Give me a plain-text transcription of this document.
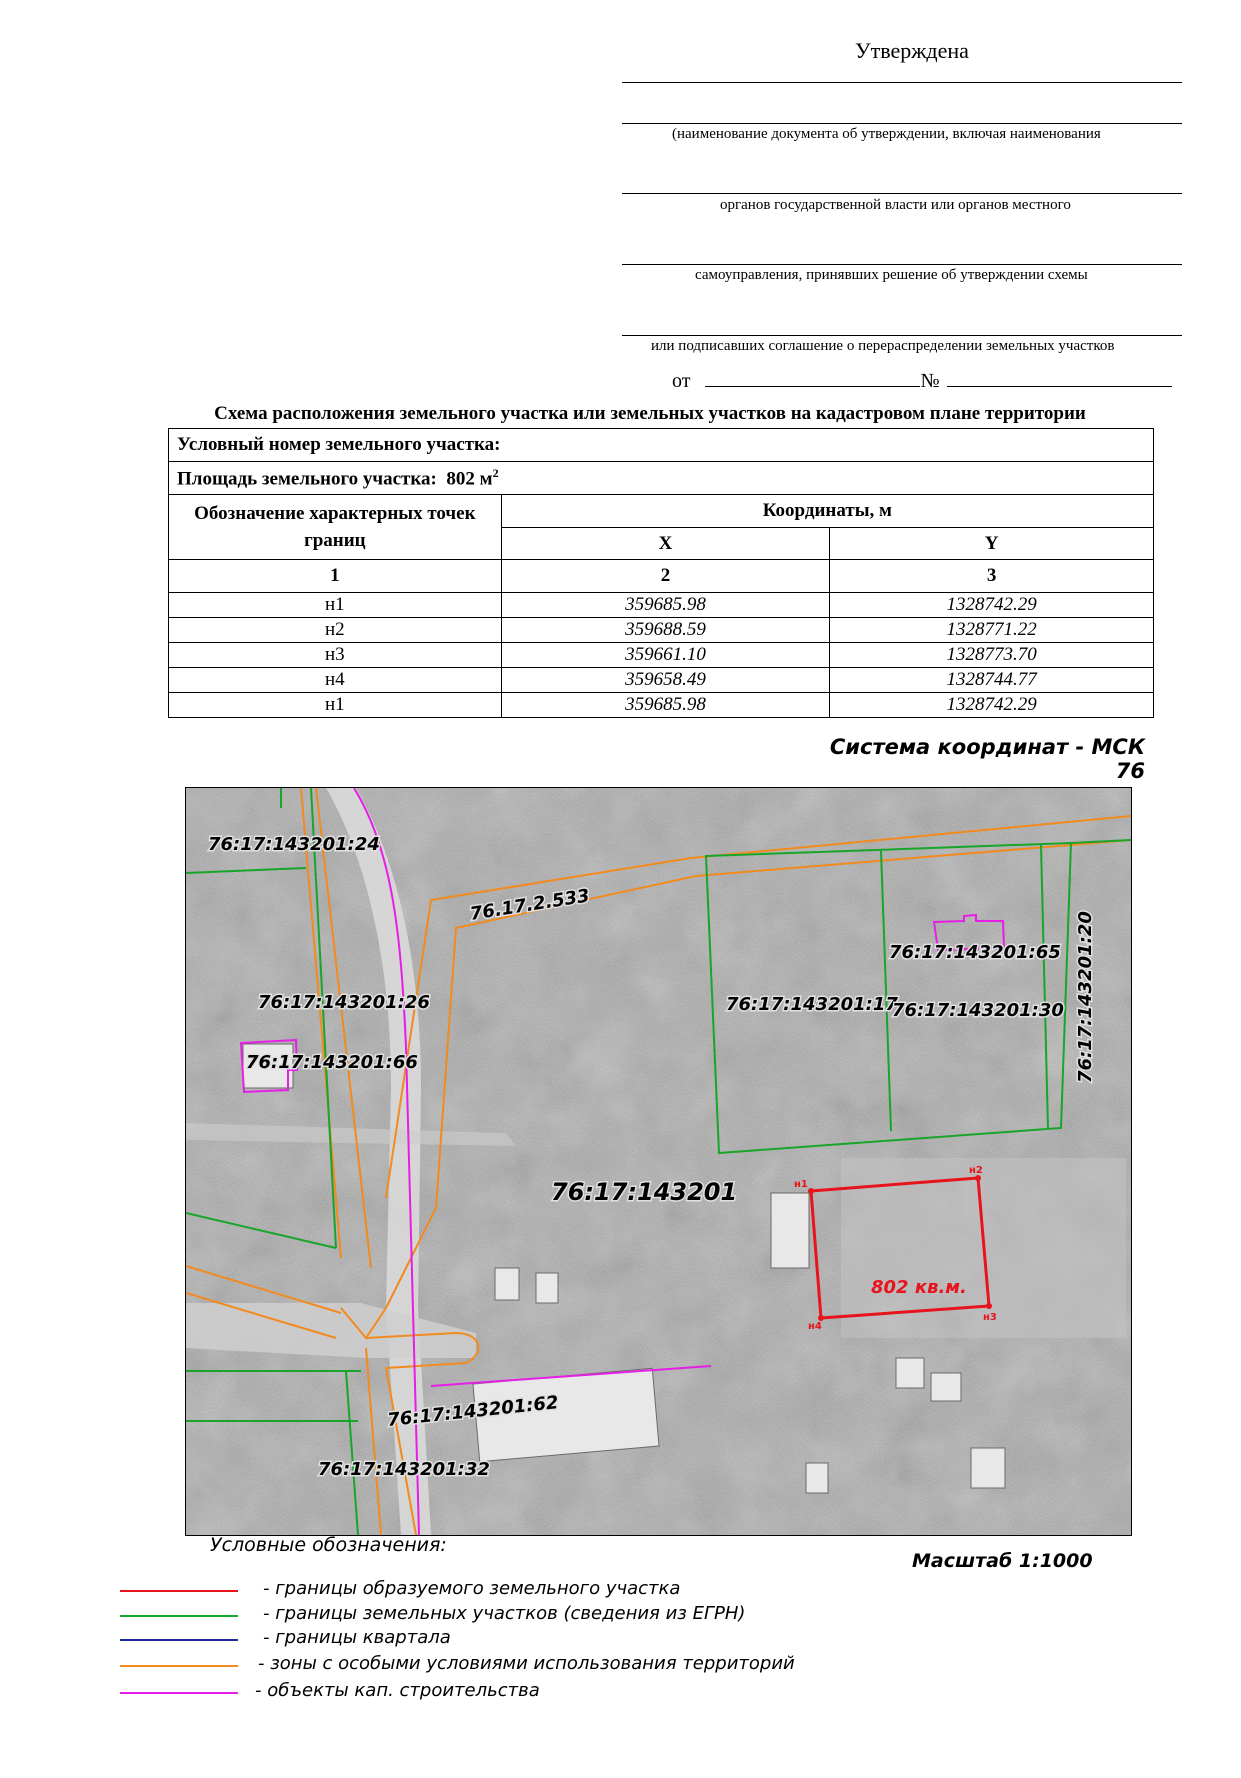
Утверждена
(наименование документа об утверждении, включая наименования
органов государственной власти или органов местного
самоуправления, принявших решение об утверждении схемы
или подписавших соглашение о перераспределении земельных участков
от	№
Схема расположения земельного участка или земельных участков на кадастровом плане территории
Условный номер земельного участка:		
Площадь земельного участка: 802 $м^2$
Обозначение характерных точек границ	Координаты, м	
	X	Y
1	2	3
н1	359685.98	1328742.29
н2	359688.59	1328771.22
н3	359661.10	1328773.70
н4	359658.49	1328744.77
н1	359685.98	1328742.29
Система координат - МСК 76
н1
н2
н3
н4
802 кв.м.
76:17:143201:24
76.17.2.533
76:17:143201:26
76:17:143201:66
76:17:143201:65
76:17:143201:17
76:17:143201:30 76:17:143201:20
76:17:143201:62
76:17:143201:32
76:17:143201
Условные обозначения:
Масштаб 1:1000
- границы образуемого земельного участка
- границы земельных участков (сведения из ЕГРН)
- границы квартала
- зоны с особыми условиями использования территорий
- объекты кап. строительства
